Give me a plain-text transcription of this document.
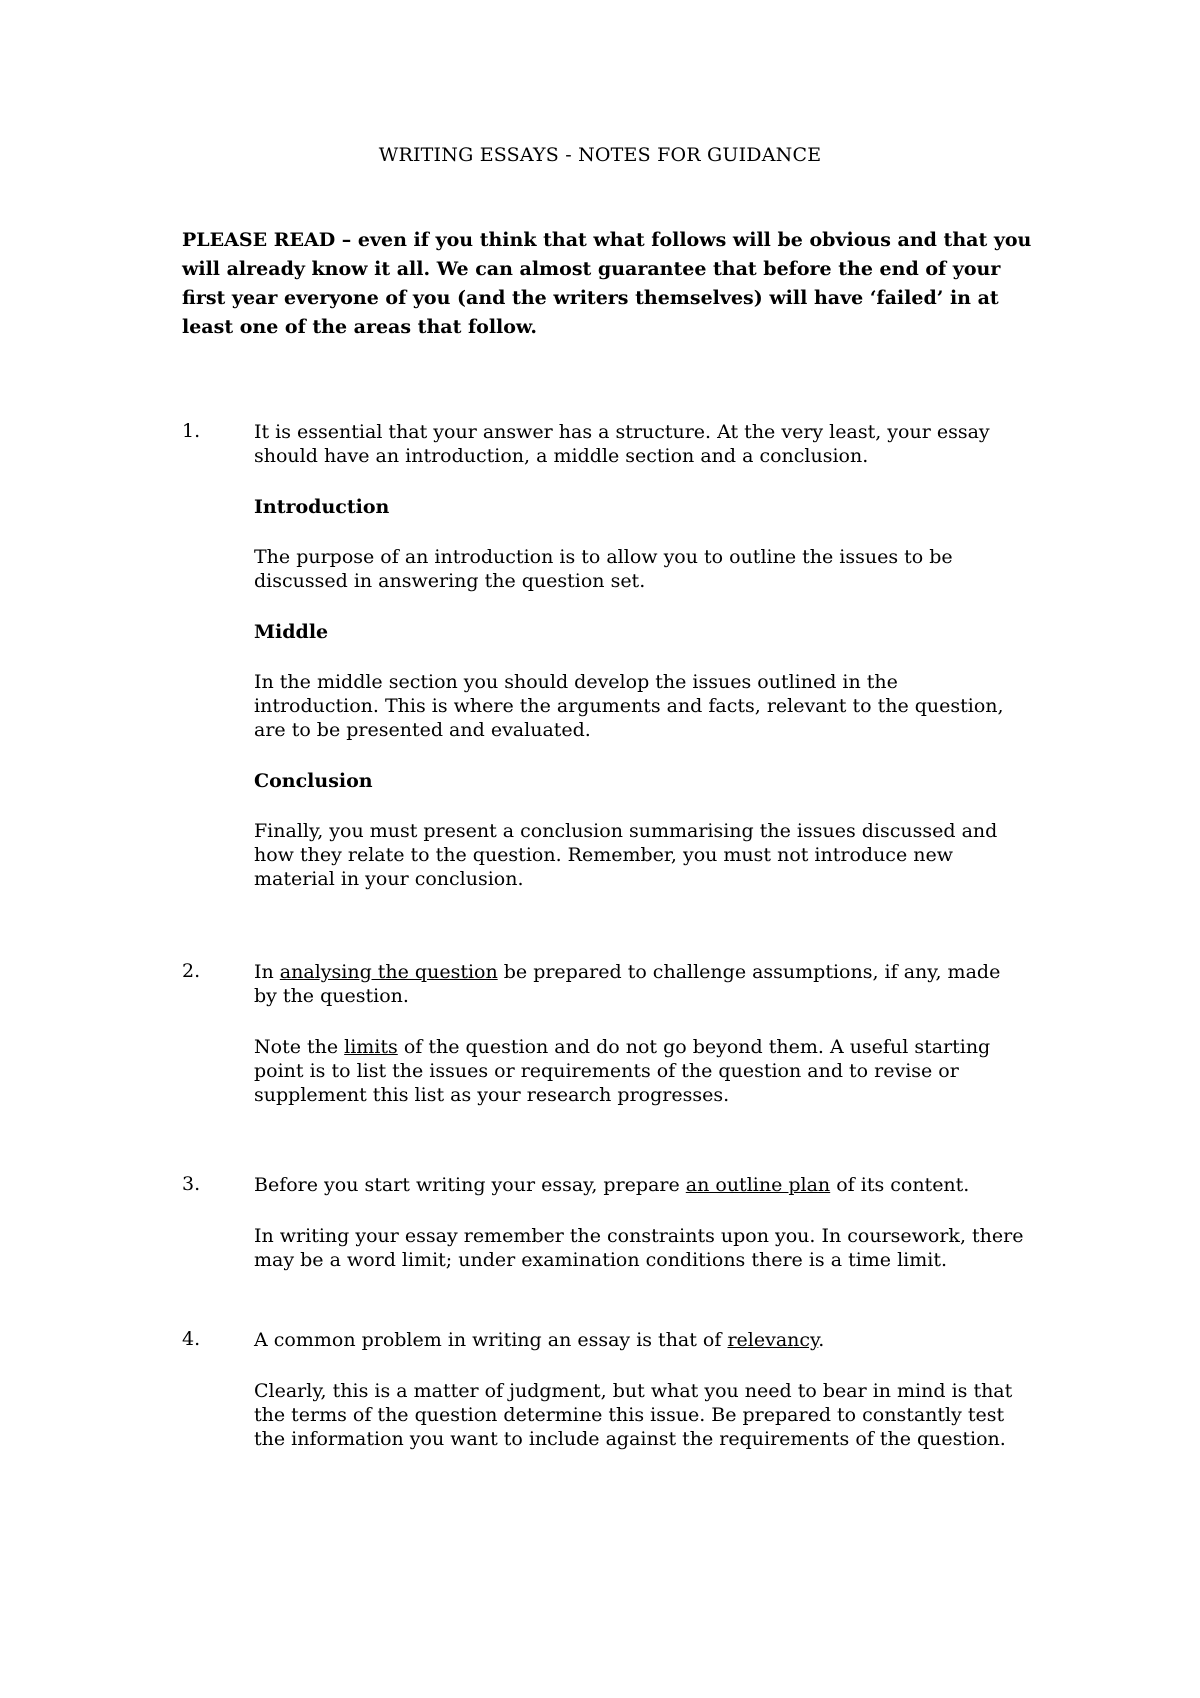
WRITING ESSAYS - NOTES FOR GUIDANCE
PLEASE READ – even if you think that what follows will be obvious and that you will already know it all. We can almost guarantee that before the end of your first year everyone of you (and the writers themselves) will have ‘failed’ in at least one of the areas that follow.
1.	It is essential that your answer has a structure. At the very least, your essay should have an introduction, a middle section and a conclusion.

Introduction

The purpose of an introduction is to allow you to outline the issues to be discussed in answering the question set.

Middle

In the middle section you should develop the issues outlined in the introduction. This is where the arguments and facts, relevant to the question, are to be presented and evaluated.

Conclusion

Finally, you must present a conclusion summarising the issues discussed and how they relate to the question. Remember, you must not introduce new material in your conclusion.

2.	In analysing the question be prepared to challenge assumptions, if any, made by the question.

Note the limits of the question and do not go beyond them. A useful starting point is to list the issues or requirements of the question and to revise or supplement this list as your research progresses.

3.	Before you start writing your essay, prepare an outline plan of its content.

In writing your essay remember the constraints upon you. In coursework, there may be a word limit; under examination conditions there is a time limit.

4.	A common problem in writing an essay is that of relevancy.

Clearly, this is a matter of judgment, but what you need to bear in mind is that the terms of the question determine this issue. Be prepared to constantly test the information you want to include against the requirements of the question.
